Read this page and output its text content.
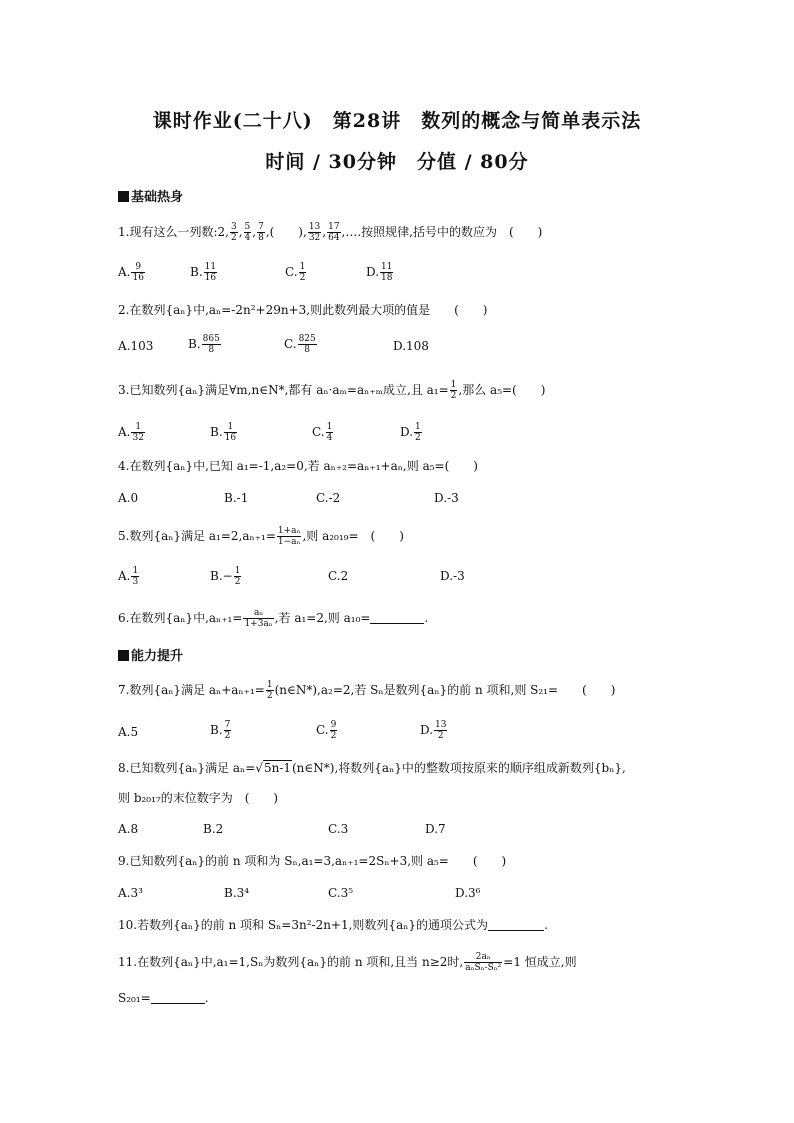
课时作业(二十八)　第28讲　数列的概念与简单表示法
时间 / 30分钟　分值 / 80分
基础热身
1.现有这么一列数:2, $\frac{3}{2}$ , $\frac{5}{4}$ , $\frac{7}{8}$ ,(　　), $\frac{13}{32}$ , $\frac{17}{64}$ ,….按照规律,括号中的数应为　(　　)
A. $\frac{9}{16}$	B. $\frac{11}{16}$	C. $\frac{1}{2}$	D. $\frac{11}{18}$
2.在数列{aₙ}中,aₙ=-2n²+29n+3,则此数列最大项的值是　　(　　)
A.103	B. $\frac{865}{8}$	C. $\frac{825}{8}$	D.108
3.已知数列{aₙ}满足∀m,n∈N*,都有 aₙ·aₘ=aₙ₊ₘ成立,且 $a_1= \frac{1}{2}$ ,那么 a₅=(　　)
A. $\frac{1}{32}$	B. $\frac{1}{16}$	C. $\frac{1}{4}$	D. $\frac{1}{2}$
4.在数列{aₙ}中,已知 a₁=-1,a₂=0,若 aₙ₊₂=aₙ₊₁+aₙ,则 a₅=(　　)
A.0	B.-1	C.-2	D.-3
5.数列{aₙ}满足 $a_1=2,a_{n+1}= \frac{\text{1+aₙ}}{\text{1−aₙ}}$ ,则 a₂₀₁₉=　(　　)
A. $\frac{1}{3}$	$B.- \frac{1}{2}$	C.2	D.-3
6.在数列{aₙ}中$,a_{n+1}= \frac{\text{aₙ}}{\text{1+3aₙ}}$ ,若 a₁=2,则 a₁₀=	.
能力提升
7.数列{aₙ}满足 $a_n+a_{n+1}= \frac{1}{2}$ (n∈N*),a₂=2,若 Sₙ是数列{aₙ}的前 n 项和,则 S₂₁=　　(　　)
A.5	B. $\frac{7}{2}$	C. $\frac{9}{2}$	D. $\frac{13}{2}$
8.已知数列{aₙ}满足 aₙ=√5n-1(n∈N*),将数列{aₙ}中的整数项按原来的顺序组成新数列{bₙ},
则 b₂₀₁₇的末位数字为　(　　)
A.8	B.2	C.3	D.7
9.已知数列{aₙ}的前 n 项和为 Sₙ,a₁=3,aₙ₊₁=2Sₙ+3,则 a₅=　　(　　)
A.3³	B.3⁴	C.3⁵	D.3⁶
10.若数列{aₙ}的前 n 项和 Sₙ=3n²-2n+1,则数列{aₙ}的通项公式为	.
11.在数列{aₙ}中,a₁=1,Sₙ为数列{aₙ}的前 n 项和,且当 n≥2时, $\frac{\text{2aₙ}}{\text{aₙSₙ-Sₙ²}} =1$ 恒成立,则
S₂₀₁=	.
